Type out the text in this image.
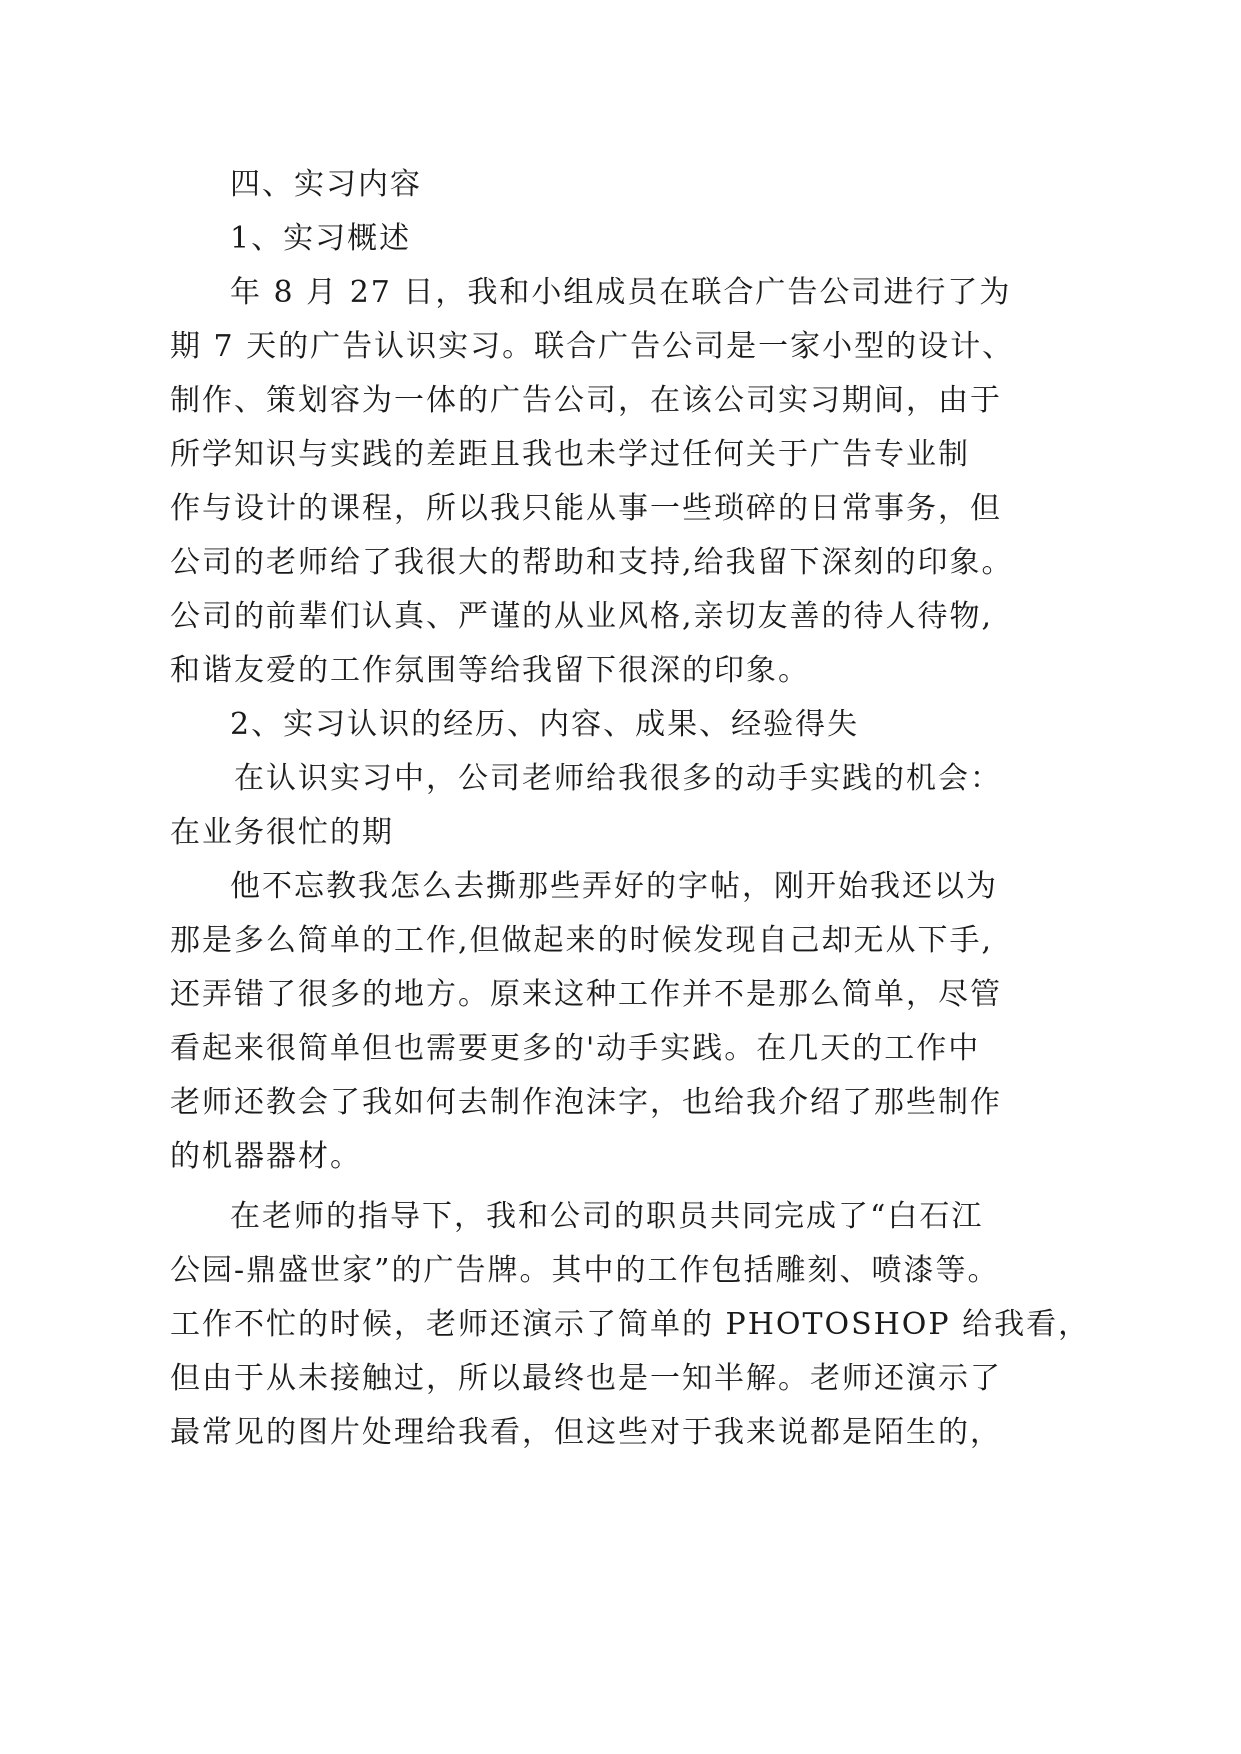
四、实习内容

1、实习概述

年 8 月 27 日，我和小组成员在联合广告公司进行了为

期 7 天的广告认识实习。联合广告公司是一家小型的设计、

制作、策划容为一体的广告公司，在该公司实习期间，由于

所学知识与实践的差距且我也未学过任何关于广告专业制

作与设计的课程，所以我只能从事一些琐碎的日常事务，但

公司的老师给了我很大的帮助和支持,给我留下深刻的印象。

公司的前辈们认真、严谨的从业风格,亲切友善的待人待物,

和谐友爱的工作氛围等给我留下很深的印象。

2、实习认识的经历、内容、成果、经验得失

在认识实习中，公司老师给我很多的动手实践的机会：

在业务很忙的期

他不忘教我怎么去撕那些弄好的字帖，刚开始我还以为

那是多么简单的工作,但做起来的时候发现自己却无从下手,

还弄错了很多的地方。原来这种工作并不是那么简单，尽管

看起来很简单但也需要更多的'动手实践。在几天的工作中

老师还教会了我如何去制作泡沫字，也给我介绍了那些制作

的机器器材。

在老师的指导下，我和公司的职员共同完成了“白石江

公园-鼎盛世家”的广告牌。其中的工作包括雕刻、喷漆等。

工作不忙的时候，老师还演示了简单的 PHOTOSHOP 给我看，

但由于从未接触过，所以最终也是一知半解。老师还演示了

最常见的图片处理给我看，但这些对于我来说都是陌生的，
